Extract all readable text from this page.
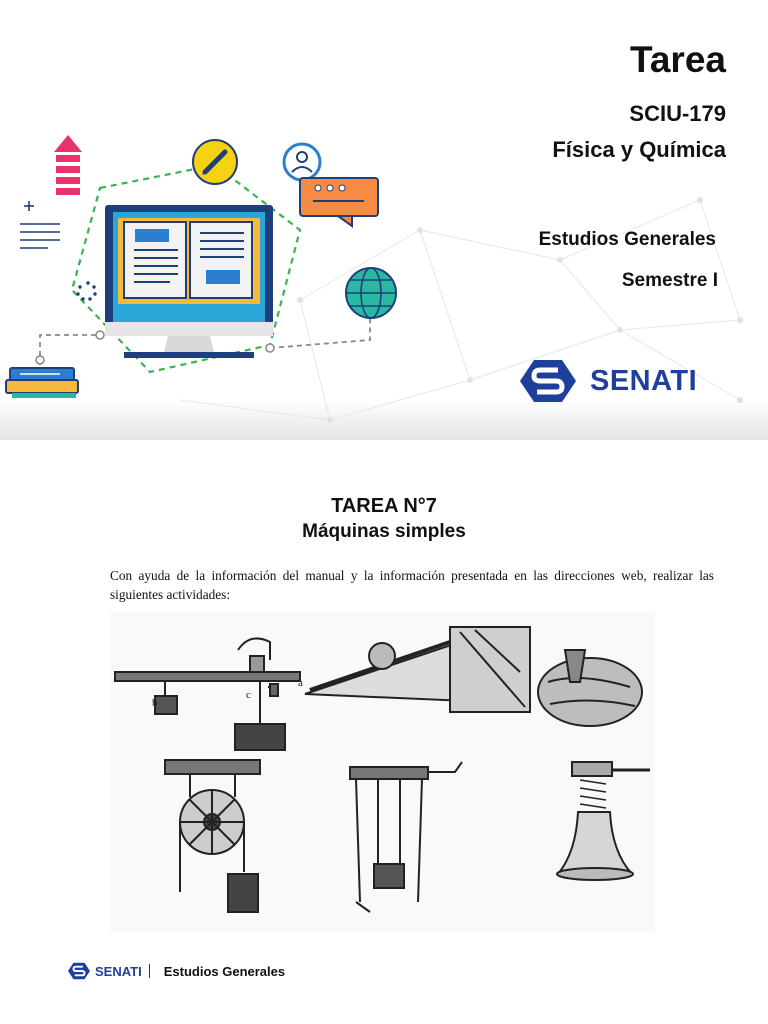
Tarea
SCIU-179
Física y Química
Estudios Generales
Semestre I
SENATI
TAREA N°7
Máquinas simples

Con ayuda de la información del manual y la información presentada en las direcciones web, realizar las siguientes actividades:

b
c
a
SENATI Estudios Generales
